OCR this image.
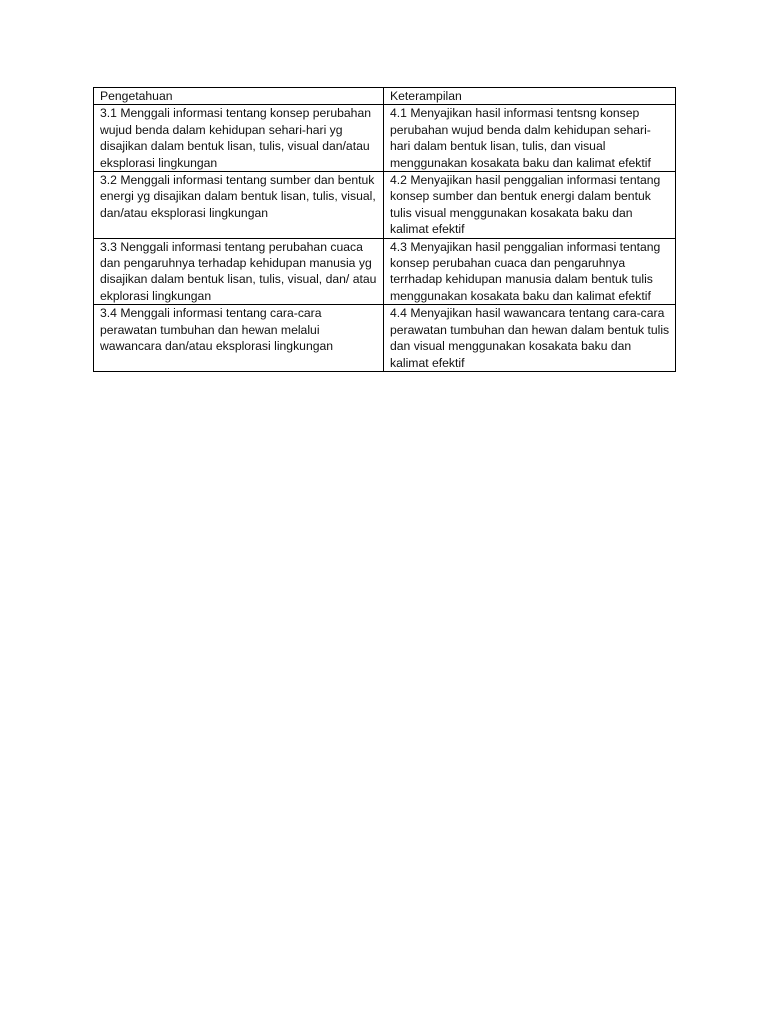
Pengetahuan	Keterampilan
3.1 Menggali informasi tentang konsep perubahan wujud benda dalam kehidupan sehari-hari yg disajikan dalam bentuk lisan, tulis, visual dan/atau eksplorasi lingkungan	4.1 Menyajikan hasil informasi tentsng konsep perubahan wujud benda dalm kehidupan sehari-hari dalam bentuk lisan, tulis, dan visual menggunakan kosakata baku dan kalimat efektif
3.2 Menggali informasi tentang sumber dan bentuk energi yg disajikan dalam bentuk lisan, tulis, visual, dan/atau eksplorasi lingkungan	4.2 Menyajikan hasil penggalian informasi tentang konsep sumber dan bentuk energi dalam bentuk tulis visual menggunakan kosakata baku dan kalimat efektif
3.3 Nenggali informasi tentang perubahan cuaca dan pengaruhnya terhadap kehidupan manusia yg disajikan dalam bentuk lisan, tulis, visual, dan/ atau ekplorasi lingkungan	4.3 Menyajikan hasil penggalian informasi tentang konsep perubahan cuaca dan pengaruhnya terrhadap kehidupan manusia dalam bentuk tulis menggunakan kosakata baku dan kalimat efektif
3.4 Menggali informasi tentang cara-cara perawatan tumbuhan dan hewan melalui wawancara dan/atau eksplorasi lingkungan	4.4 Menyajikan hasil wawancara tentang cara-cara perawatan tumbuhan dan hewan dalam bentuk tulis dan visual menggunakan kosakata baku dan kalimat efektif
